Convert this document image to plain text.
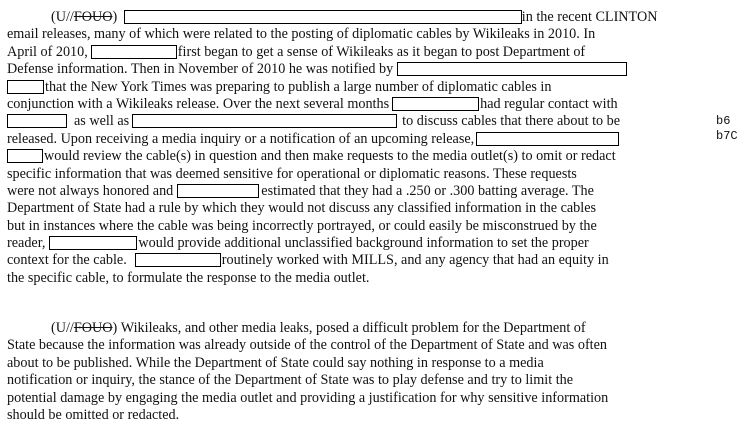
b6
b7C
(U//FOUO)	in the recent CLINTON
email releases, many of which were related to the posting of diplomatic cables by Wikileaks in 2010. In
April of 2010,	first began to get a sense of Wikileaks as it began to post Department of
Defense information. Then in November of 2010 he was notified by
that the New York Times was preparing to publish a large number of diplomatic cables in
conjunction with a Wikileaks release. Over the next several months	had regular contact with
as well as	to discuss cables that there about to be
released. Upon receiving a media inquiry or a notification of an upcoming release,
would review the cable(s) in question and then make requests to the media outlet(s) to omit or redact
specific information that was deemed sensitive for operational or diplomatic reasons. These requests
were not always honored and	estimated that they had a .250 or .300 batting average. The
Department of State had a rule by which they would not discuss any classified information in the cables
but in instances where the cable was being incorrectly portrayed, or could easily be misconstrued by the
reader,	would provide additional unclassified background information to set the proper
context for the cable.	routinely worked with MILLS, and any agency that had an equity in
the specific cable, to formulate the response to the media outlet.
(U//FOUO) Wikileaks, and other media leaks, posed a difficult problem for the Department of
State because the information was already outside of the control of the Department of State and was often
about to be published. While the Department of State could say nothing in response to a media
notification or inquiry, the stance of the Department of State was to play defense and try to limit the
potential damage by engaging the media outlet and providing a justification for why sensitive information
should be omitted or redacted.
